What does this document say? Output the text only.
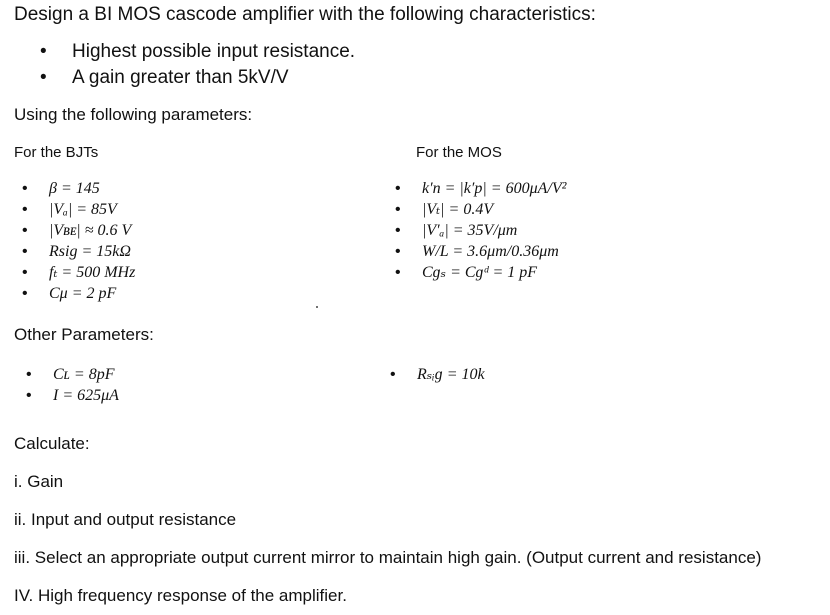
Design a BI MOS cascode amplifier with the following characteristics:
• Highest possible input resistance.
• A gain greater than 5kV/V
Using the following parameters:
For the BJTs	For the MOS
• β = 145
• |Vₐ| = 85V
• |Vʙᴇ| ≈ 0.6 V
• Rsig = 15kΩ
• fₜ = 500 MHz
• Cμ = 2 pF
• k′n = |k′p| = 600μA/V²
• |Vₜ| = 0.4V
• |V′ₐ| = 35V/μm
• W/L = 3.6μm/0.36μm
• Cɡₛ = Cɡᵈ = 1 pF
Other Parameters:
• Cʟ = 8pF
• I = 625μA
• Rₛᵢɡ = 10k
Calculate:
i. Gain
ii. Input and output resistance
iii. Select an appropriate output current mirror to maintain high gain. (Output current and resistance)
IV. High frequency response of the amplifier.
